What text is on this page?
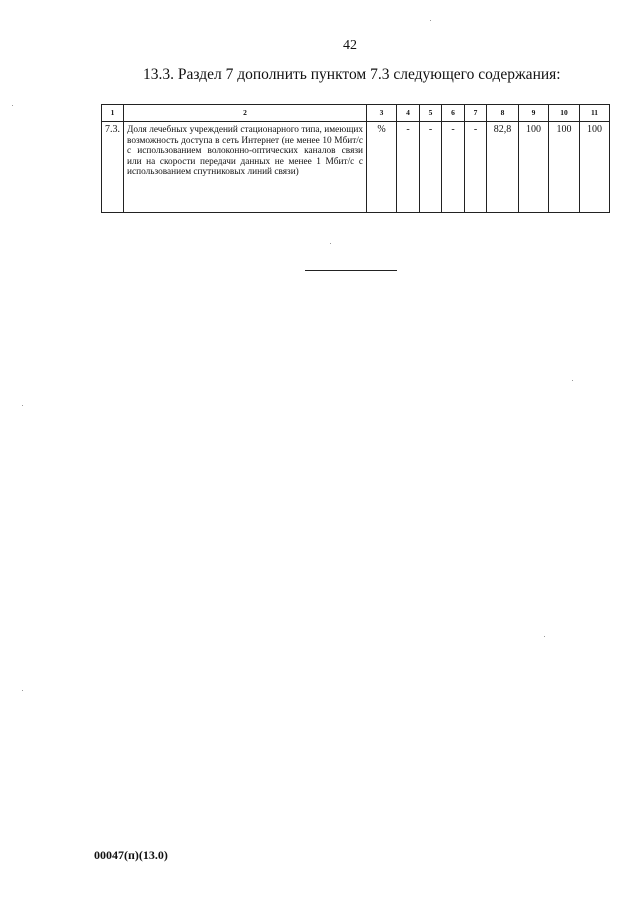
42
13.3. Раздел 7 дополнить пунктом 7.3 следующего содержания:
1	2	3	4	5	6	7	8	9	10	11
7.3.	Доля лечебных учреждений стационарного типа, имеющих возможность доступа в сеть Интернет (не менее 10 Мбит/с с использованием волоконно-оптических каналов связи или на скорости передачи данных не менее 1 Мбит/с с использованием спутниковых линий связи)	%	-	-	-	-	82,8	100	100	100
00047(п)(13.0)
